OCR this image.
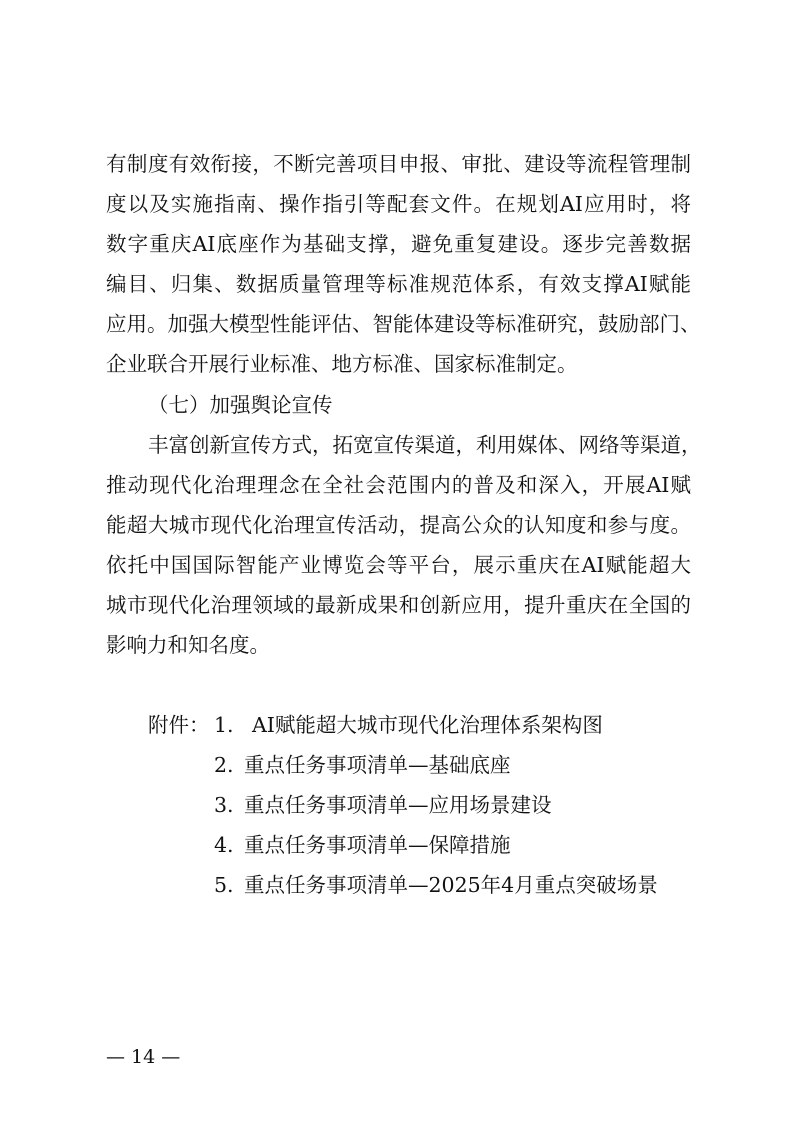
有制度有效衔接，不断完善项目申报、审批、建设等流程管理制
度以及实施指南、操作指引等配套文件。在规划AI应用时，将
数字重庆AI底座作为基础支撑，避免重复建设。逐步完善数据
编目、归集、数据质量管理等标准规范体系，有效支撑AI赋能
应用。加强大模型性能评估、智能体建设等标准研究，鼓励部门、
企业联合开展行业标准、地方标准、国家标准制定。
（七）加强舆论宣传
丰富创新宣传方式，拓宽宣传渠道，利用媒体、网络等渠道，
推动现代化治理理念在全社会范围内的普及和深入，开展AI赋
能超大城市现代化治理宣传活动，提高公众的认知度和参与度。
依托中国国际智能产业博览会等平台，展示重庆在AI赋能超大
城市现代化治理领域的最新成果和创新应用，提升重庆在全国的
影响力和知名度。
附件： 1. AI赋能超大城市现代化治理体系架构图
2. 重点任务事项清单—基础底座
3. 重点任务事项清单—应用场景建设
4. 重点任务事项清单—保障措施
5. 重点任务事项清单—2025年4月重点突破场景
— 14 —
